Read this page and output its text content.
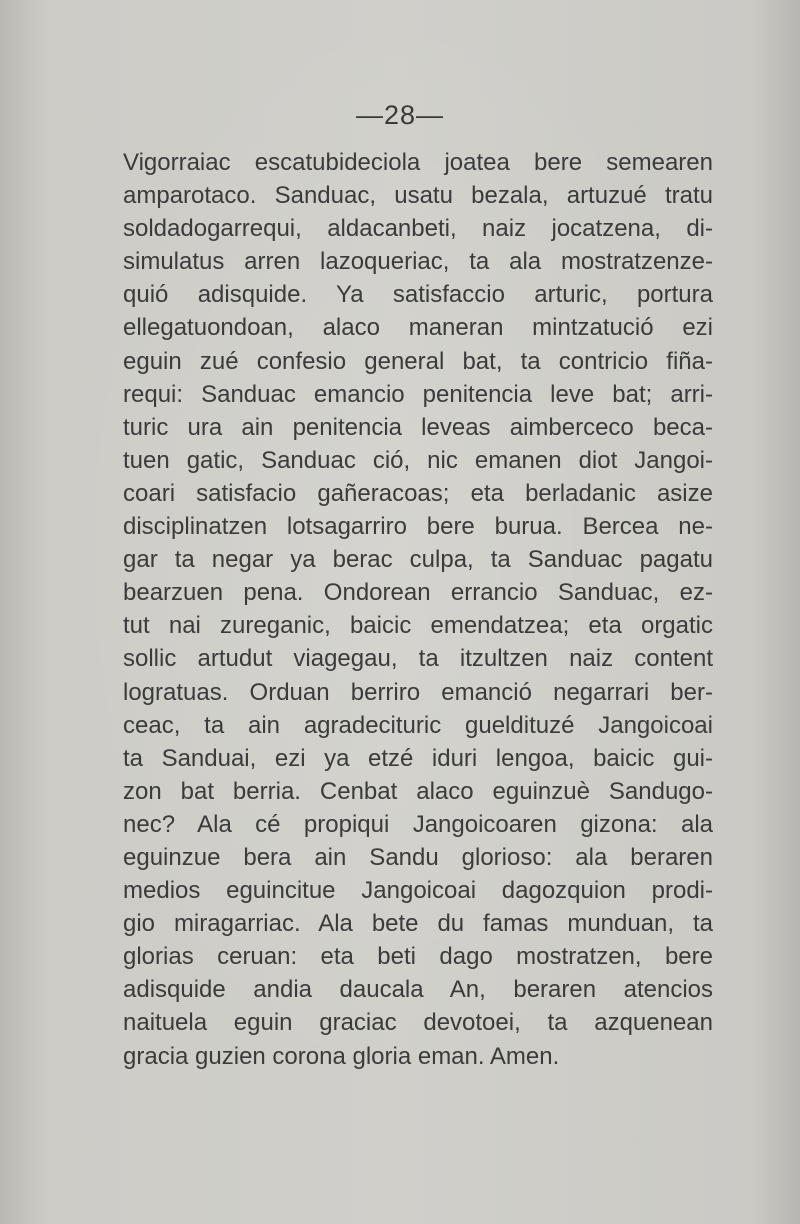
—28—
Vigorraiac escatubideciola joatea bere semearen
amparotaco. Sanduac, usatu bezala, artuzué tratu
soldadogarrequi, aldacanbeti, naiz jocatzena, di-
simulatus arren lazoqueriac, ta ala mostratzenze-
quió adisquide. Ya satisfaccio arturic, portura
ellegatuondoan, alaco maneran mintzatució ezi
eguin zué confesio general bat, ta contricio fiña-
requi: Sanduac emancio penitencia leve bat; arri-
turic ura ain penitencia leveas aimberceco beca-
tuen gatic, Sanduac ció, nic emanen diot Jangoi-
coari satisfacio gañeracoas; eta berladanic asize
disciplinatzen lotsagarriro bere burua. Bercea ne-
gar ta negar ya berac culpa, ta Sanduac pagatu
bearzuen pena. Ondorean errancio Sanduac, ez-
tut nai zureganic, baicic emendatzea; eta orgatic
sollic artudut viagegau, ta itzultzen naiz content
logratuas. Orduan berriro emanció negarrari ber-
ceac, ta ain agradecituric gueldituzé Jangoicoai
ta Sanduai, ezi ya etzé iduri lengoa, baicic gui-
zon bat berria. Cenbat alaco eguinzuè Sandugo-
nec? Ala cé propiqui Jangoicoaren gizona: ala
eguinzue bera ain Sandu glorioso: ala beraren
medios eguincitue Jangoicoai dagozquion prodi-
gio miragarriac. Ala bete du famas munduan, ta
glorias ceruan: eta beti dago mostratzen, bere
adisquide andia daucala An, beraren atencios
naituela eguin graciac devotoei, ta azquenean
gracia guzien corona gloria eman. Amen.
